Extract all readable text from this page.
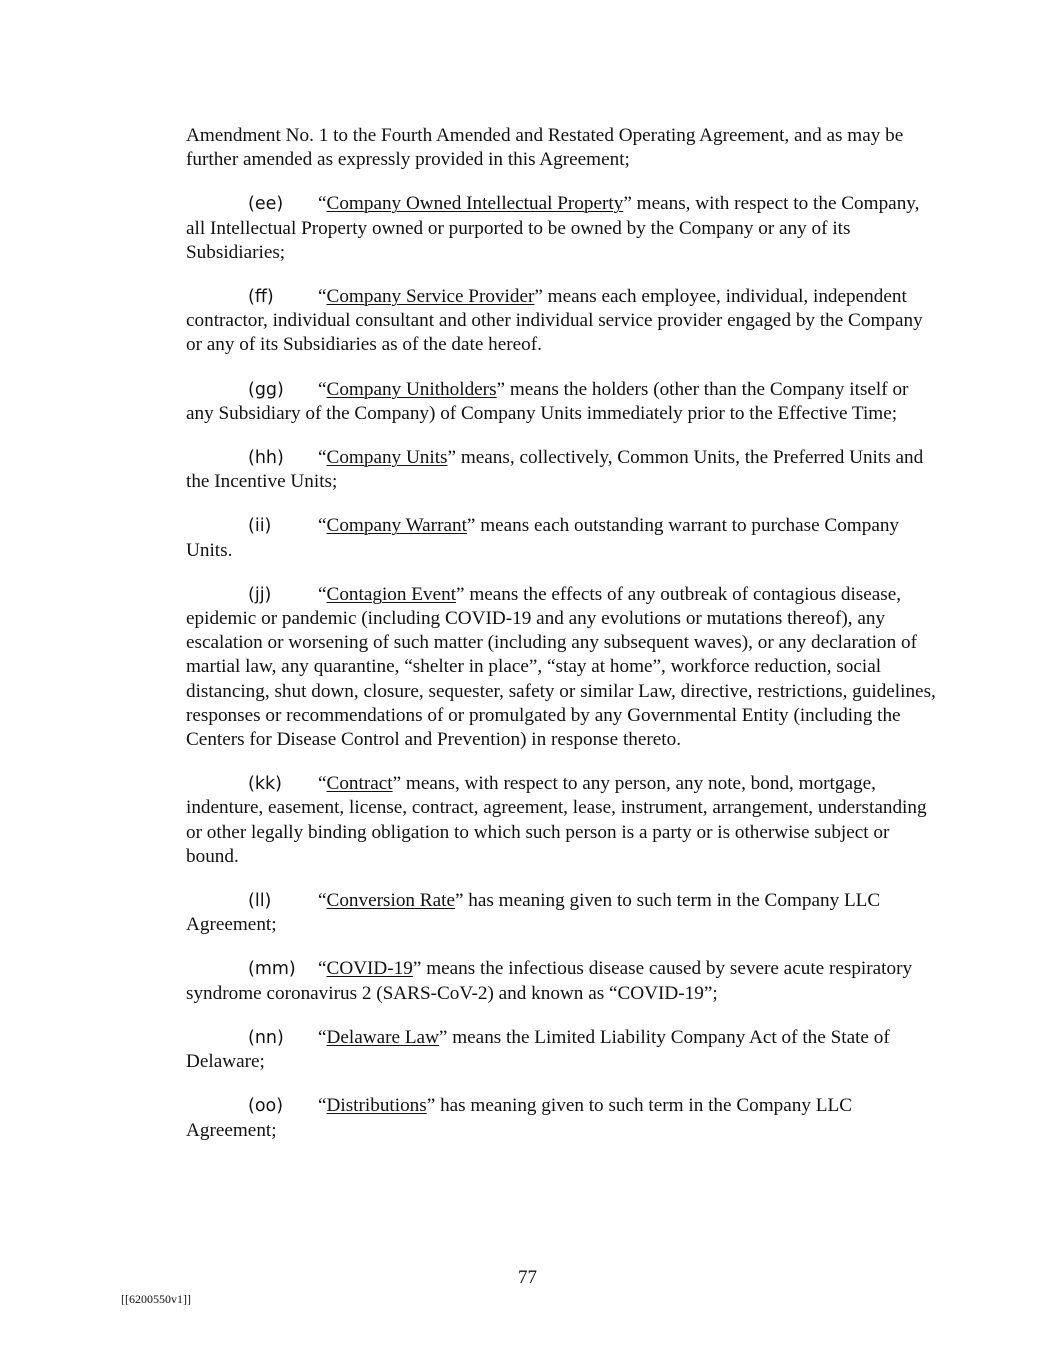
Amendment No. 1 to the Fourth Amended and Restated Operating Agreement, and as may be further amended as expressly provided in this Agreement;

(ee) “Company Owned Intellectual Property” means, with respect to the Company, all Intellectual Property owned or purported to be owned by the Company or any of its Subsidiaries;

(ff) “Company Service Provider” means each employee, individual, independent contractor, individual consultant and other individual service provider engaged by the Company or any of its Subsidiaries as of the date hereof.

(gg) “Company Unitholders” means the holders (other than the Company itself or any Subsidiary of the Company) of Company Units immediately prior to the Effective Time;

(hh) “Company Units” means, collectively, Common Units, the Preferred Units and the Incentive Units;

(ii) “Company Warrant” means each outstanding warrant to purchase Company Units.

(jj) “Contagion Event” means the effects of any outbreak of contagious disease, epidemic or pandemic (including COVID-19 and any evolutions or mutations thereof), any escalation or worsening of such matter (including any subsequent waves), or any declaration of martial law, any quarantine, “shelter in place”, “stay at home”, workforce reduction, social distancing, shut down, closure, sequester, safety or similar Law, directive, restrictions, guidelines, responses or recommendations of or promulgated by any Governmental Entity (including the Centers for Disease Control and Prevention) in response thereto.

(kk) “Contract” means, with respect to any person, any note, bond, mortgage, indenture, easement, license, contract, agreement, lease, instrument, arrangement, understanding or other legally binding obligation to which such person is a party or is otherwise subject or bound.

(ll) “Conversion Rate” has meaning given to such term in the Company LLC Agreement;

(mm) “COVID-19” means the infectious disease caused by severe acute respiratory syndrome coronavirus 2 (SARS-CoV-2) and known as “COVID-19”;

(nn) “Delaware Law” means the Limited Liability Company Act of the State of Delaware;

(oo) “Distributions” has meaning given to such term in the Company LLC Agreement;

77
[[6200550v1]]
